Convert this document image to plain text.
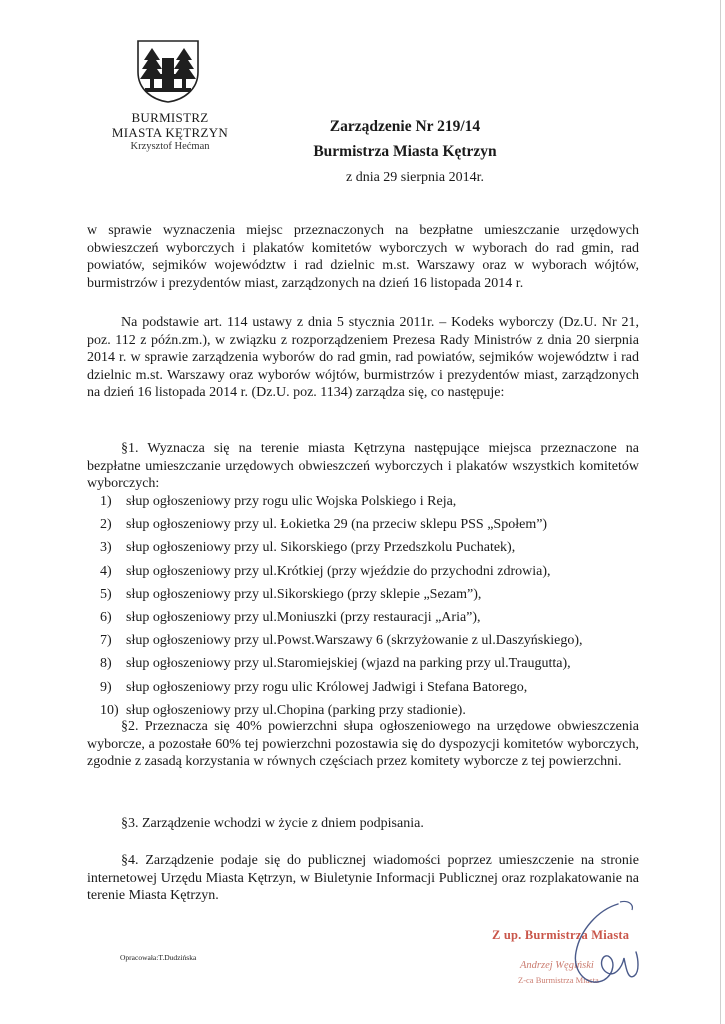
BURMISTRZ
MIASTA KĘTRZYN
Krzysztof Hećman
Zarządzenie Nr 219/14
Burmistrza Miasta Kętrzyn
z dnia 29 sierpnia 2014r.
w sprawie wyznaczenia miejsc przeznaczonych na bezpłatne umieszczanie urzędowych obwieszczeń wyborczych i plakatów komitetów wyborczych w wyborach do rad gmin, rad powiatów, sejmików województw i rad dzielnic m.st. Warszawy oraz w wyborach wójtów, burmistrzów i prezydentów miast, zarządzonych na dzień 16 listopada 2014 r.
Na podstawie art. 114 ustawy z dnia 5 stycznia 2011r. – Kodeks wyborczy (Dz.U. Nr 21, poz. 112 z późn.zm.), w związku z rozporządzeniem Prezesa Rady Ministrów z dnia 20 sierpnia 2014 r. w sprawie zarządzenia wyborów do rad gmin, rad powiatów, sejmików województw i rad dzielnic m.st. Warszawy oraz wyborów wójtów, burmistrzów i prezydentów miast, zarządzonych na dzień 16 listopada 2014 r. (Dz.U. poz. 1134) zarządza się, co następuje:
§1. Wyznacza się na terenie miasta Kętrzyna następujące miejsca przeznaczone na bezpłatne umieszczanie urzędowych obwieszczeń wyborczych i plakatów wszystkich komitetów wyborczych:
1) słup ogłoszeniowy przy rogu ulic Wojska Polskiego i Reja,
2) słup ogłoszeniowy przy ul. Łokietka 29 (na przeciw sklepu PSS „Społem”)
3) słup ogłoszeniowy przy ul. Sikorskiego (przy Przedszkolu Puchatek),
4) słup ogłoszeniowy przy ul.Krótkiej (przy wjeździe do przychodni zdrowia),
5) słup ogłoszeniowy przy ul.Sikorskiego (przy sklepie „Sezam”),
6) słup ogłoszeniowy przy ul.Moniuszki (przy restauracji „Aria”),
7) słup ogłoszeniowy przy ul.Powst.Warszawy 6 (skrzyżowanie z ul.Daszyńskiego),
8) słup ogłoszeniowy przy ul.Staromiejskiej (wjazd na parking przy ul.Traugutta),
9) słup ogłoszeniowy przy rogu ulic Królowej Jadwigi i Stefana Batorego,
10) słup ogłoszeniowy przy ul.Chopina (parking przy stadionie).
§2. Przeznacza się 40% powierzchni słupa ogłoszeniowego na urzędowe obwieszczenia wyborcze, a pozostałe 60% tej powierzchni pozostawia się do dyspozycji komitetów wyborczych, zgodnie z zasadą korzystania w równych częściach przez komitety wyborcze z tej powierzchni.
§3. Zarządzenie wchodzi w życie z dniem podpisania.
§4. Zarządzenie podaje się do publicznej wiadomości poprzez umieszczenie na stronie internetowej Urzędu Miasta Kętrzyn, w Biuletynie Informacji Publicznej oraz rozplakatowanie na terenie Miasta Kętrzyn.
Opracowała:T.Dudzińska
Z up. Burmistrza Miasta
Andrzej Węgiński
Z-ca Burmistrza Miasta
